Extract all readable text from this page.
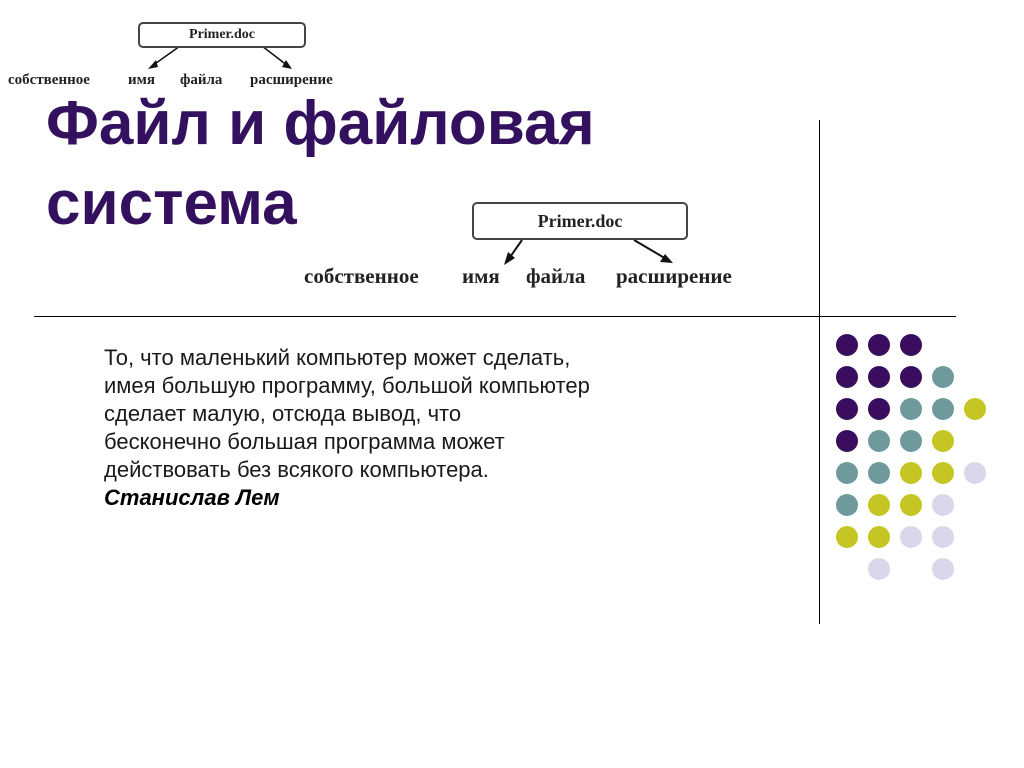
Primer.doc
собственное	имя файла расширение
Primer.doc
собственное имя файла расширение
Файл и файловая система

То, что маленький компьютер может сделать,
имея большую программу, большой компьютер
сделает малую, отсюда вывод, что
бесконечно большая программа может
действовать без всякого компьютера.

Станислав Лем
